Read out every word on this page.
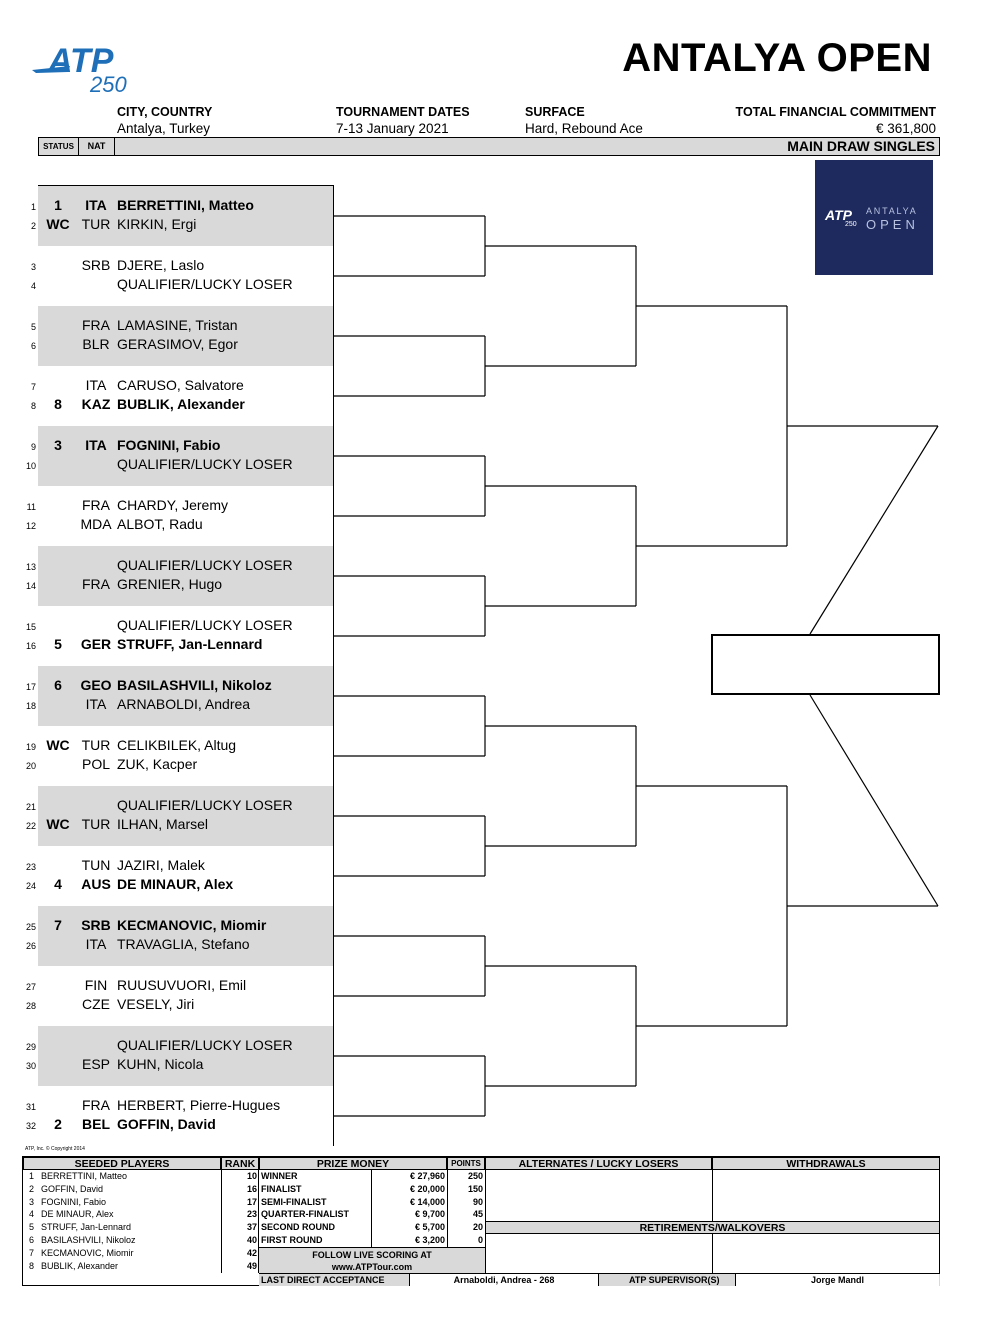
ATP
250
ANTALYA OPEN
CITY, COUNTRY
Antalya, Turkey
TOURNAMENT DATES
7-13 January 2021
SURFACE
Hard, Rebound Ace
TOTAL FINANCIAL COMMITMENT
€ 361,800
STATUS	NAT	MAIN DRAW SINGLES
ATP
250
ANTALYA
OPEN
1	1	ITA BERRETTINI, Matteo
2 WC TUR KIRKIN, Ergi
3	SRB DJERE, Laslo
4	QUALIFIER/LUCKY LOSER
5	FRA LAMASINE, Tristan
6	BLR GERASIMOV, Egor
7	ITA CARUSO, Salvatore
8	8	KAZ BUBLIK, Alexander
9	3	ITA FOGNINI, Fabio
10	QUALIFIER/LUCKY LOSER
11	FRA CHARDY, Jeremy
12	MDA ALBOT, Radu
13	QUALIFIER/LUCKY LOSER
14	FRA GRENIER, Hugo
15	QUALIFIER/LUCKY LOSER
16	5	GER STRUFF, Jan-Lennard
17	6	GEO BASILASHVILI, Nikoloz
18	ITA ARNABOLDI, Andrea
19 WC TUR CELIKBILEK, Altug
20	POL ZUK, Kacper
21	QUALIFIER/LUCKY LOSER
22 WC TUR ILHAN, Marsel
23	TUN JAZIRI, Malek
24	4	AUS DE MINAUR, Alex
25	7	SRB KECMANOVIC, Miomir
26	ITA TRAVAGLIA, Stefano
27	FIN RUUSUVUORI, Emil
28	CZE VESELY, Jiri
29	QUALIFIER/LUCKY LOSER
30	ESP KUHN, Nicola
31	FRA HERBERT, Pierre-Hugues
32	2	BEL GOFFIN, David
ATP, Inc. © Copyright 2014
SEEDED PLAYERS	RANK	PRIZE MONEY	POINTS	ALTERNATES / LUCKY LOSERS	WITHDRAWALS
1 BERRETTINI, Matteo	10
2 GOFFIN, David	16
3 FOGNINI, Fabio	17
4 DE MINAUR, Alex	23
5 STRUFF, Jan-Lennard	37
6 BASILASHVILI, Nikoloz	40
7 KECMANOVIC, Miomir	42
8 BUBLIK, Alexander	49
WINNER	€ 27,960	250
FINALIST	€ 20,000	150
SEMI-FINALIST	€ 14,000	90
QUARTER-FINALIST	€ 9,700	45
SECOND ROUND	€ 5,700	20
FIRST ROUND	€ 3,200	0
RETIREMENTS/WALKOVERS
FOLLOW LIVE SCORING AT
www.ATPTour.com
LAST DIRECT ACCEPTANCE	Arnaboldi, Andrea - 268	ATP SUPERVISOR(S)	Jorge Mandl
